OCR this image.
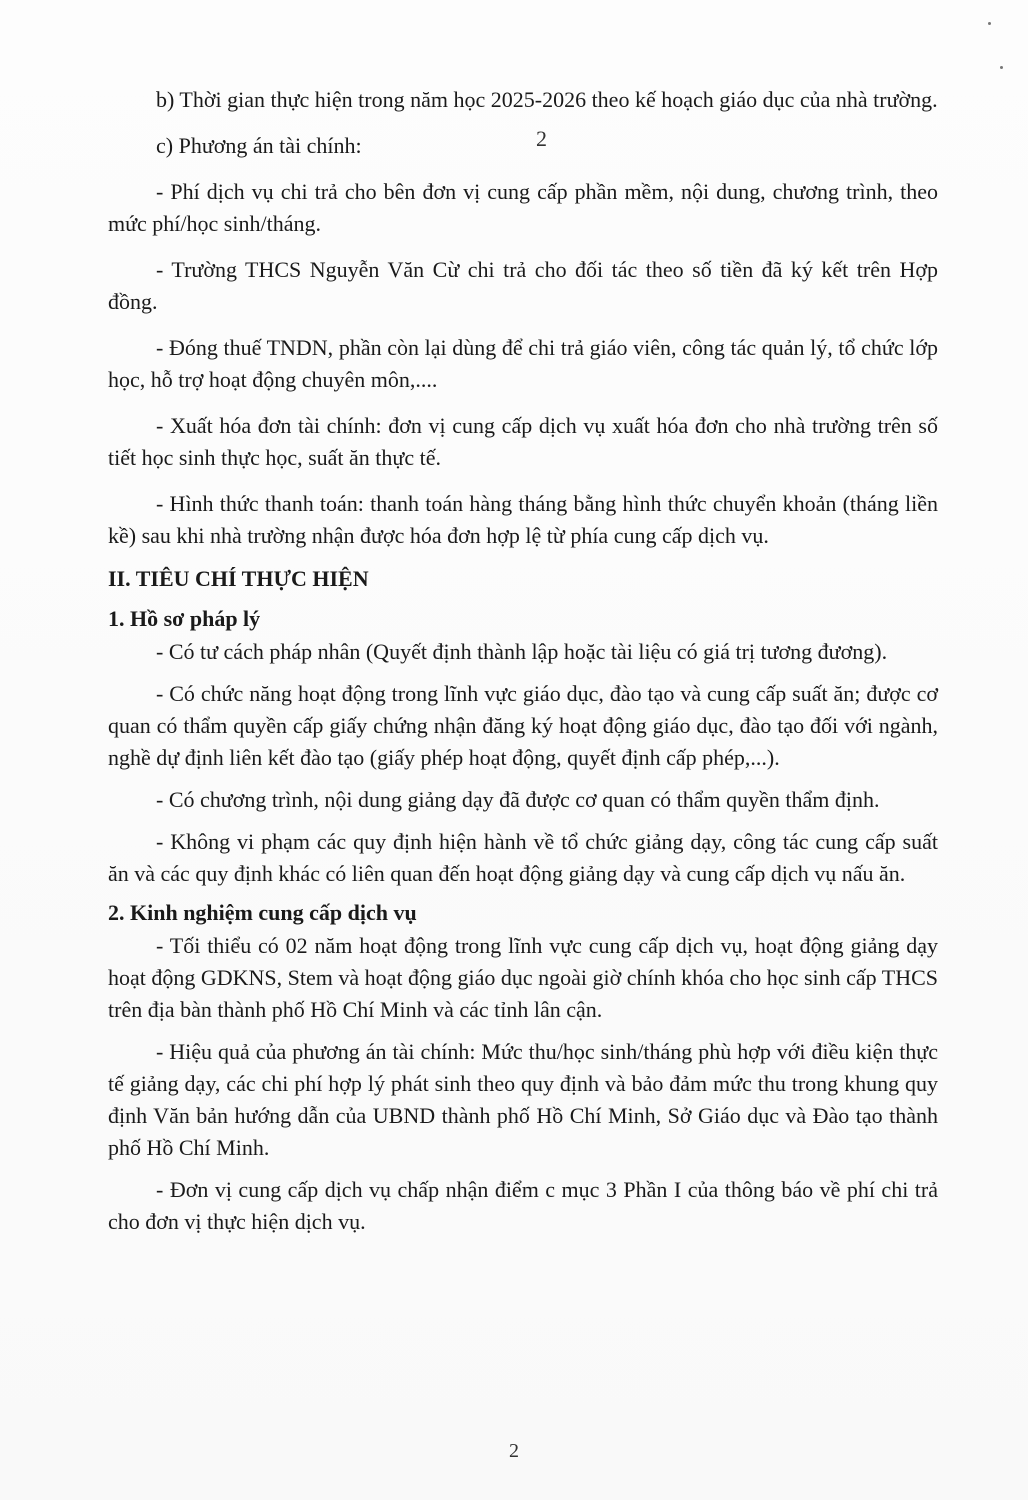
2

b) Thời gian thực hiện trong năm học 2025-2026 theo kế hoạch giáo dục của nhà trường.

c) Phương án tài chính:

- Phí dịch vụ chi trả cho bên đơn vị cung cấp phần mềm, nội dung, chương trình, theo mức phí/học sinh/tháng.

- Trường THCS Nguyễn Văn Cừ chi trả cho đối tác theo số tiền đã ký kết trên Hợp đồng.

- Đóng thuế TNDN, phần còn lại dùng để chi trả giáo viên, công tác quản lý, tổ chức lớp học, hỗ trợ hoạt động chuyên môn,....

- Xuất hóa đơn tài chính: đơn vị cung cấp dịch vụ xuất hóa đơn cho nhà trường trên số tiết học sinh thực học, suất ăn thực tế.

- Hình thức thanh toán: thanh toán hàng tháng bằng hình thức chuyển khoản (tháng liền kề) sau khi nhà trường nhận được hóa đơn hợp lệ từ phía cung cấp dịch vụ.

II. TIÊU CHÍ THỰC HIỆN
1. Hồ sơ pháp lý

- Có tư cách pháp nhân (Quyết định thành lập hoặc tài liệu có giá trị tương đương).

- Có chức năng hoạt động trong lĩnh vực giáo dục, đào tạo và cung cấp suất ăn; được cơ quan có thẩm quyền cấp giấy chứng nhận đăng ký hoạt động giáo dục, đào tạo đối với ngành, nghề dự định liên kết đào tạo (giấy phép hoạt động, quyết định cấp phép,...).

- Có chương trình, nội dung giảng dạy đã được cơ quan có thẩm quyền thẩm định.

- Không vi phạm các quy định hiện hành về tổ chức giảng dạy, công tác cung cấp suất ăn và các quy định khác có liên quan đến hoạt động giảng dạy và cung cấp dịch vụ nấu ăn.

2. Kinh nghiệm cung cấp dịch vụ

- Tối thiểu có 02 năm hoạt động trong lĩnh vực cung cấp dịch vụ, hoạt động giảng dạy hoạt động GDKNS, Stem và hoạt động giáo dục ngoài giờ chính khóa cho học sinh cấp THCS trên địa bàn thành phố Hồ Chí Minh và các tỉnh lân cận.

- Hiệu quả của phương án tài chính: Mức thu/học sinh/tháng phù hợp với điều kiện thực tế giảng dạy, các chi phí hợp lý phát sinh theo quy định và bảo đảm mức thu trong khung quy định Văn bản hướng dẫn của UBND thành phố Hồ Chí Minh, Sở Giáo dục và Đào tạo thành phố Hồ Chí Minh.

- Đơn vị cung cấp dịch vụ chấp nhận điểm c mục 3 Phần I của thông báo về phí chi trả cho đơn vị thực hiện dịch vụ.

2
